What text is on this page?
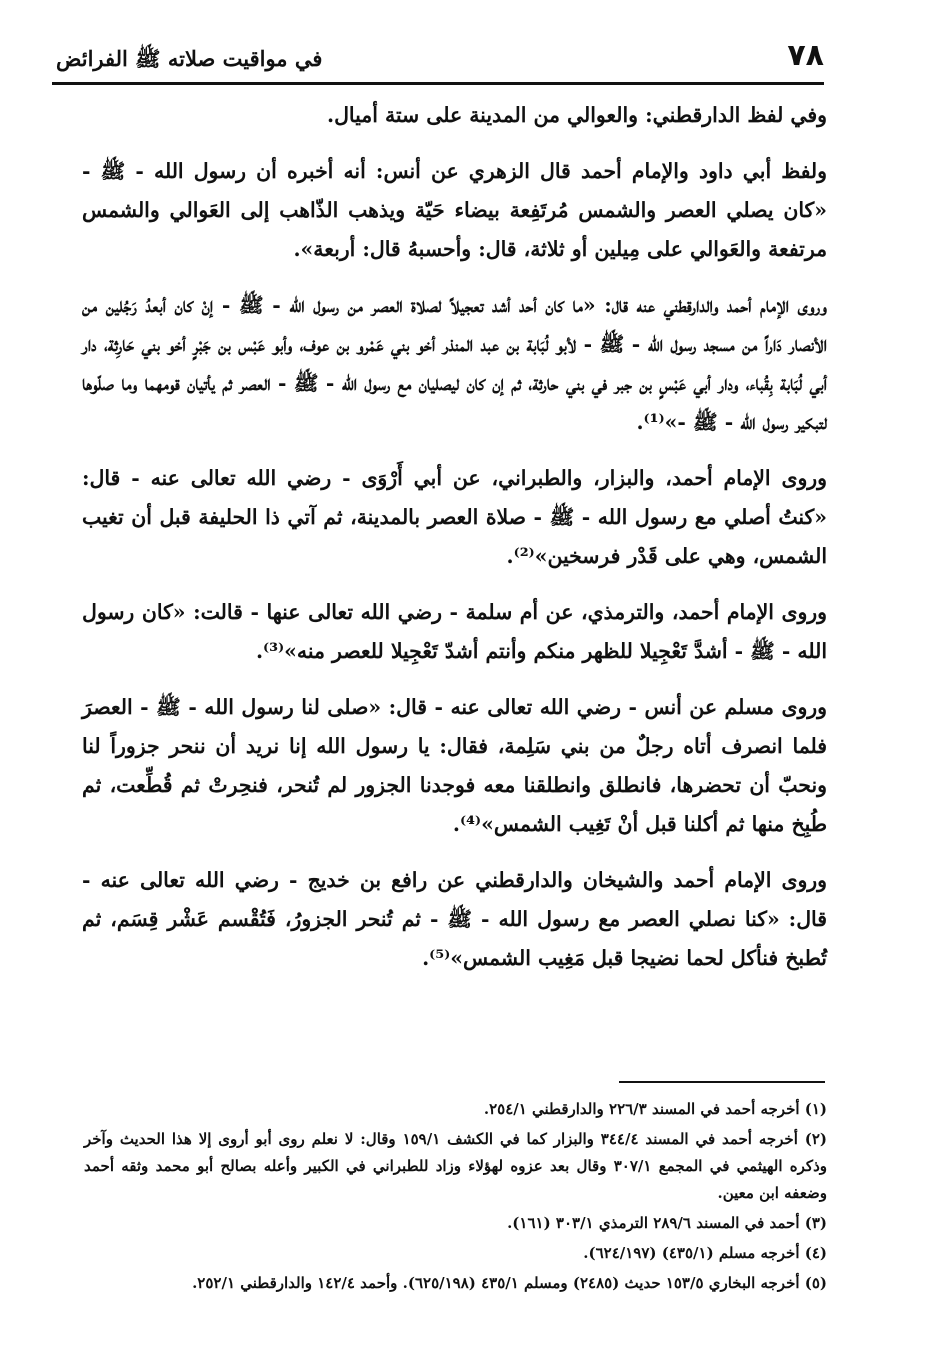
٧٨
في مواقيت صلاته ﷺ الفرائض

وفي لفظ الدارقطني: والعوالي من المدينة على ستة أميال.

ولفظ أبي داود والإمام أحمد قال الزهري عن أنس: أنه أخبره أن رسول الله - ﷺ - «كان يصلي العصر والشمس مُرتَفِعة بيضاء حَيّة ويذهب الذّاهب إلى العَوالي والشمس مرتفعة والعَوالي على مِيلين أو ثلاثة، قال: وأحسبهُ قال: أربعة».

وروى الإمام أحمد والدارقطني عنه قال: «ما كان أحد أشد تعجيلاً لصلاة العصر من رسول الله - ﷺ - إنْ كان أبعدُ رَجُلين من الأنصار دَاراً من مسجد رسول الله - ﷺ - لأبو لُبَابة بن عبد المنذر أخو بني عَمْرو بن عوف، وأبو عَبْس بن جَبْرٍ أخو بني حَارِثة، دار أبي لُبَابة بِقُباء، ودار أبي عَبْسٍ بن جبر في بني حارثة، ثم إن كان ليصليان مع رسول الله - ﷺ - العصر ثم يأتيان قومهما وما صلّوها لتبكير رسول الله - ﷺ -»⁽¹⁾.

وروى الإمام أحمد، والبزار، والطبراني، عن أبي أَرْوَى - رضي الله تعالى عنه - قال: «كنتُ أصلي مع رسول الله - ﷺ - صلاة العصر بالمدينة، ثم آتي ذا الحليفة قبل أن تغيب الشمس، وهي على قَدْر فرسخين»⁽²⁾.

وروى الإمام أحمد، والترمذي، عن أم سلمة - رضي الله تعالى عنها - قالت: «كان رسول الله - ﷺ - أشدَّ تَعْجِيلا للظهر منكم وأنتم أشدّ تَعْجِيلا للعصر منه»⁽³⁾.

وروى مسلم عن أنس - رضي الله تعالى عنه - قال: «صلى لنا رسول الله - ﷺ - العصرَ فلما انصرف أتاه رجلٌ من بني سَلِمة، فقال: يا رسول الله إنا نريد أن ننحر جزوراً لنا ونحبّ أن تحضرها، فانطلق وانطلقنا معه فوجدنا الجزور لم تُنحر، فنحِرتْ ثم قُطِّعت، ثم طُبِخ منها ثم أكلنا قبل أنْ تَغِيب الشمس»⁽⁴⁾.

وروى الإمام أحمد والشيخان والدارقطني عن رافع بن خديج - رضي الله تعالى عنه - قال: «كنا نصلي العصر مع رسول الله - ﷺ - ثم تُنحر الجزورُ، فَتُقْسم عَشْر قِسَم، ثم تُطبخ فنأكل لحما نضيجا قبل مَغِيب الشمس»⁽⁵⁾.

(١) أخرجه أحمد في المسند ٢٢٦/٣ والدارقطني ٢٥٤/١.
(٢) أخرجه أحمد في المسند ٣٤٤/٤ والبزار كما في الكشف ١٥٩/١ وقال: لا نعلم روى أبو أروى إلا هذا الحديث وآخر وذكره الهيثمي في المجمع ٣٠٧/١ وقال بعد عزوه لهؤلاء وزاد للطبراني في الكبير وأعله بصالح أبو محمد وثقه أحمد وضعفه ابن معين.
(٣) أحمد في المسند ٢٨٩/٦ الترمذي ٣٠٣/١ (١٦١).
(٤) أخرجه مسلم (٤٣٥/١) (٦٢٤/١٩٧).
(٥) أخرجه البخاري ١٥٣/٥ حديث (٢٤٨٥) ومسلم ٤٣٥/١ (٦٢٥/١٩٨). وأحمد ١٤٢/٤ والدارقطني ٢٥٢/١.
